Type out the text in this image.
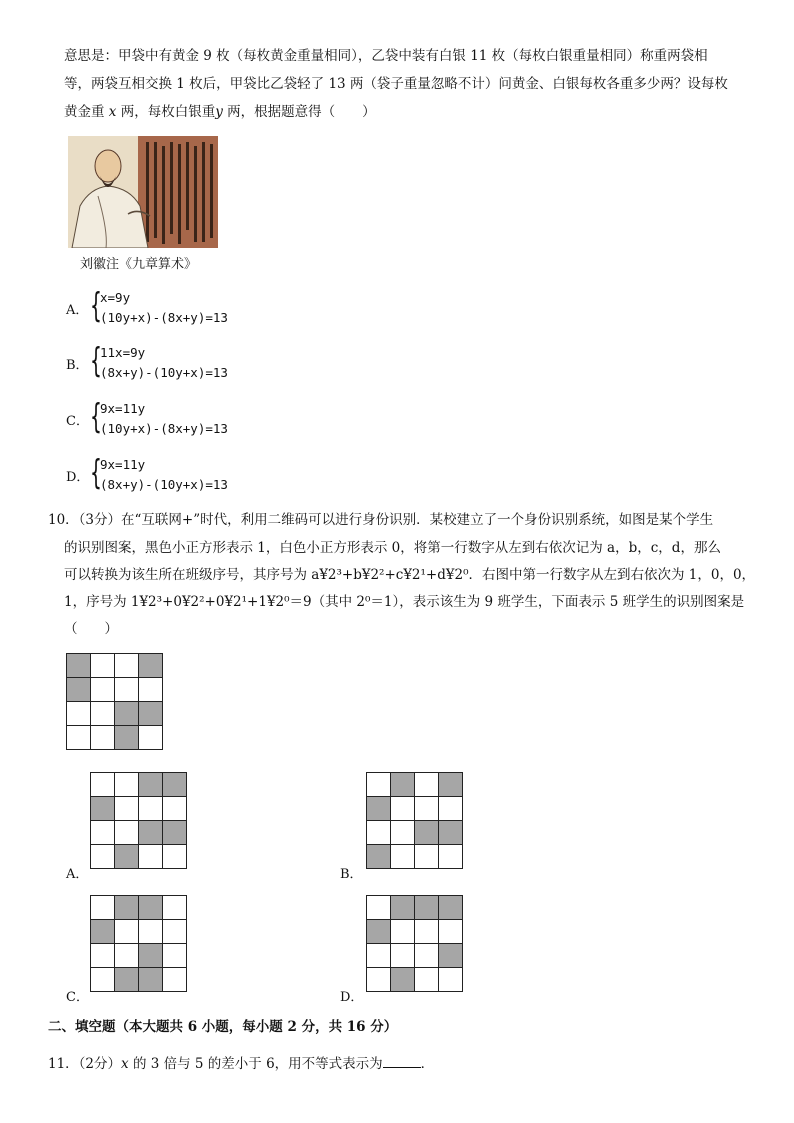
意思是：甲袋中有黄金 9 枚（每枚黄金重量相同），乙袋中装有白银 11 枚（每枚白银重量相同）称重两袋相
等，两袋互相交换 1 枚后，甲袋比乙袋轻了 13 两（袋子重量忽略不计）问黄金、白银每枚各重多少两？设每枚
黄金重 x 两，每枚白银重y 两，根据题意得（　　）
刘徽注《九章算术》
A． {
x=9y
(10y+x)-(8x+y)=13
B． {
11x=9y
(8x+y)-(10y+x)=13
C． {
9x=11y
(10y+x)-(8x+y)=13
D． {
9x=11y
(8x+y)-(10y+x)=13
10．（3分）在“互联网+”时代，利用二维码可以进行身份识别．某校建立了一个身份识别系统，如图是某个学生
的识别图案，黑色小正方形表示 1，白色小正方形表示 0，将第一行数字从左到右依次记为 a，b，c，d，那么
可以转换为该生所在班级序号，其序号为 a¥2³+b¥2²+c¥2¹+d¥2⁰．右图中第一行数字从左到右依次为 1，0，0，
1，序号为 1¥2³+0¥2²+0¥2¹+1¥2⁰＝9（其中 2⁰＝1），表示该生为 9 班学生，下面表示 5 班学生的识别图案是
（　　）
A．	B．
C．	D．
二、填空题（本大题共 6 小题，每小题 2 分，共 16 分）
11．（2分）x 的 3 倍与 5 的差小于 6，用不等式表示为	．
